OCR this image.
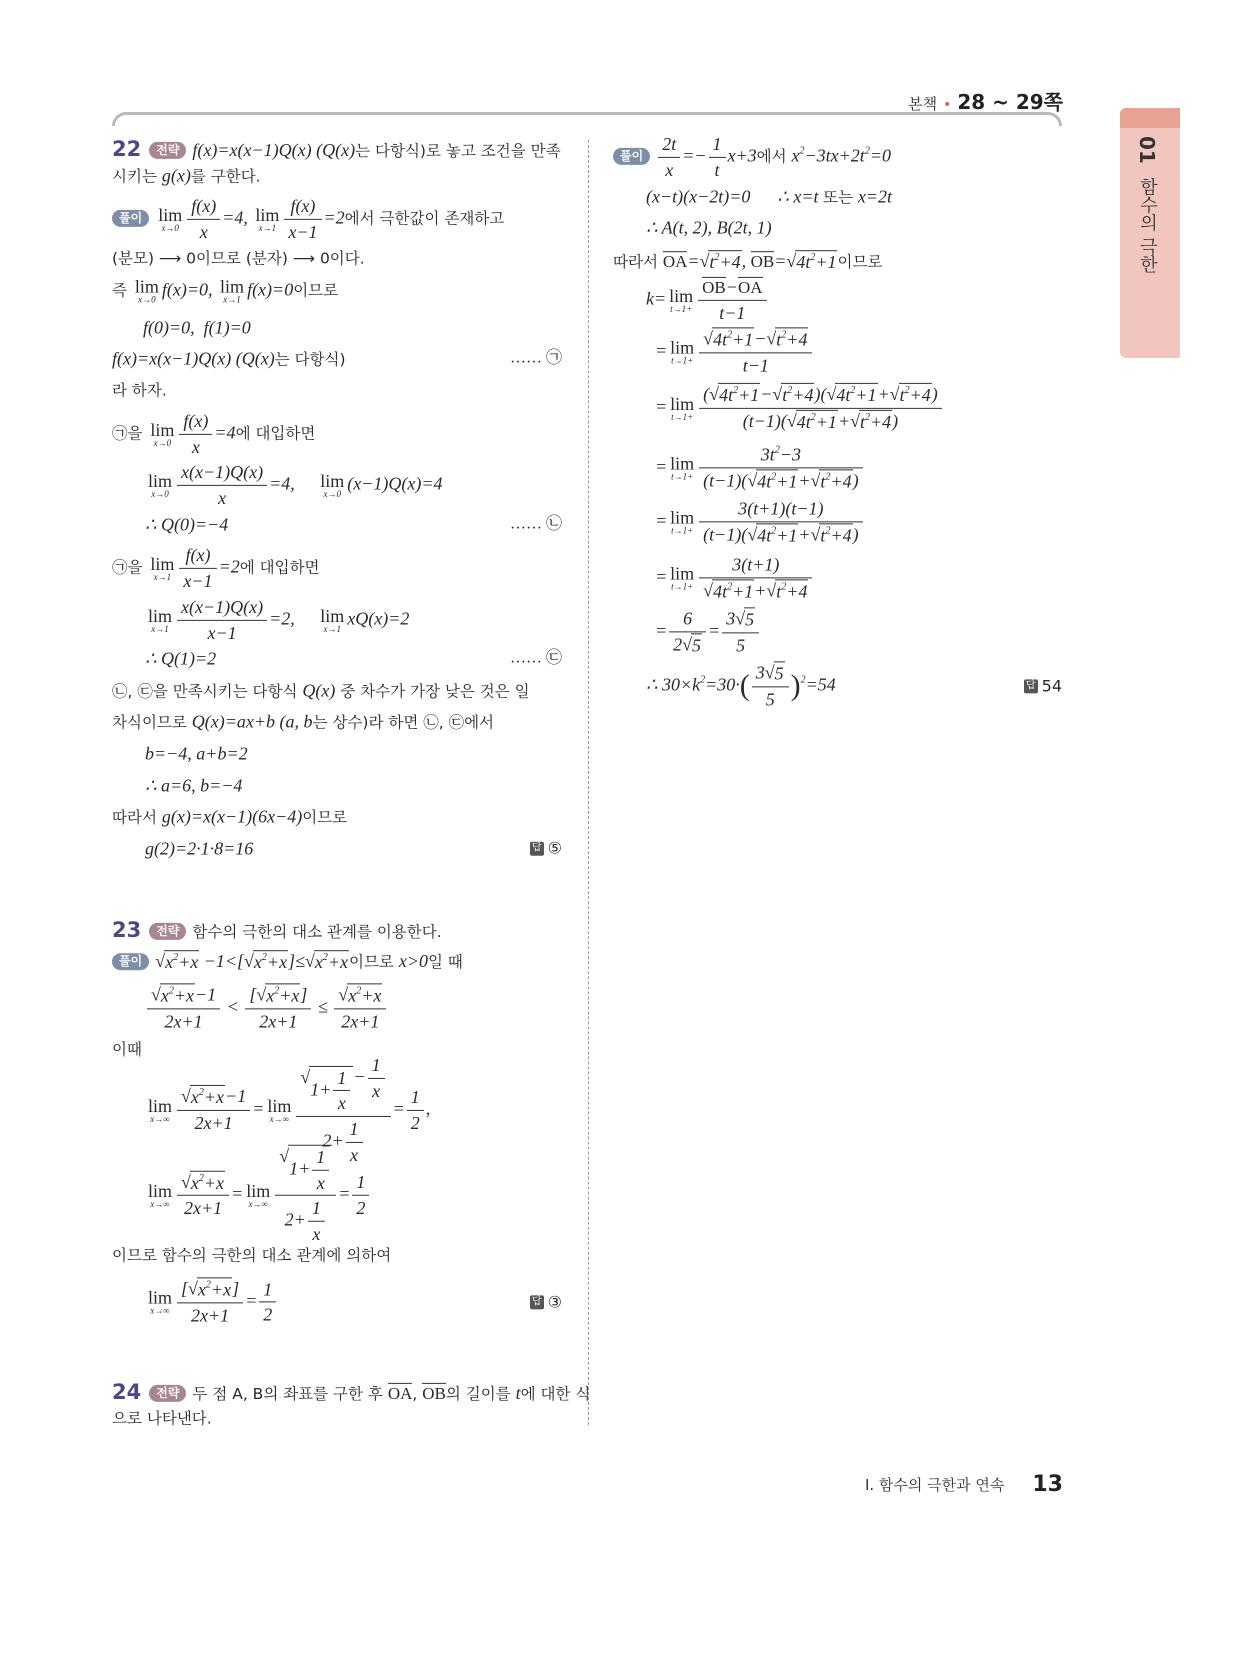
본책 • 28 ~ 29쪽
01 함수의 극한
22 전략 f(x)=x(x−1)Q(x) (Q(x)는 다항식)로 놓고 조건을 만족
시키는 g(x)를 구한다.
풀이 lim
$x\to 0 \frac{f(x)}{x} =4$, lim
$x\to 1 \frac{f(x)}{x-1} =2$에서 극한값이 존재하고
(분모) ⟶ 0이므로 (분자) ⟶ 0이다.
즉 lim
x→0 f(x)=0, lim
x→1 f(x)=0이므로
f(0)=0,  f(1)=0
f(x)=x(x−1)Q(x) (Q(x)는 다항식)	…… ㉠
라 하자.
㉠을 lim
$x\to 0 \frac{f(x)}{x} =4$에 대입하면
lim
$x\to 0 \frac{x(x-1)Q(x)}{x} =4$, lim
x→0 (x−1)Q(x)=4
∴ Q(0)=−4	…… ㉡
㉠을 lim
$x\to 1 \frac{f(x)}{x-1} =2$에 대입하면
lim
$x\to 1 \frac{x(x-1)Q(x)}{x-1} =2$, lim
x→1 xQ(x)=2
∴ Q(1)=2	…… ㉢
㉡, ㉢을 만족시키는 다항식 Q(x) 중 차수가 가장 낮은 것은 일
차식이므로 Q(x)=ax+b (a, b는 상수)라 하면 ㉡, ㉢에서
b=−4, a+b=2
∴ a=6, b=−4
따라서 g(x)=x(x−1)(6x−4)이므로
g(2)=2·1·8=16	답 ⑤
23 전략 함수의 극한의 대소 관계를 이용한다.
풀이 √ $x^2+x -1<$[ √ $x^2+x$ ]≤ √ $x^2+x$ 이므로 x>0일 때
$\frac{√ x^2+x -1}{2x+1} < \frac{[ √ x^2+x ]}{2x+1} \le \frac{√ x^2+x}{2x+1}$
이때
lim
$x\to\infty \frac{√ x^2+x -1}{2x+1} = \lim$
x→∞ √
$1+ \frac{1}{x} - \frac{1}{x}$
$2+ \frac{1}{x} = \frac{1}{2}$ ,
lim
$x\to\infty \frac{√ x^2+x}{2x+1} = \lim$
x→∞ √
$1+ \frac{1}{x}$
$2+ \frac{1}{x} = \frac{1}{2}$
이므로 함수의 극한의 대소 관계에 의하여
lim
$x\to\infty \frac{[ √ x^2+x ]}{2x+1} = \frac{1}{2}$	답 ③
24 전략 두 점 A, B의 좌표를 구한 후 OA, OB의 길이를 t에 대한 식
으로 나타낸다.
풀이 $\frac{2t}{x} =- \frac{1}{t} x+3$에서 $x^2-3tx+2t^2=0$
(x−t)(x−2t)=0      ∴ x=t 또는 x=2t
∴ A(t, 2), B(2t, 1)
따라서 OA= √ $t^2+4$ , OB= √ $4t^2+1$ 이므로
k= lim
$t\to 1+ \frac{OB-OA}{t-1}$
= lim
$t\to 1+ \frac{√ 4t^2+1 - √ t^2+4}{t-1}$
= lim
$t\to 1+ \frac{( √ 4t^2+1 - √ t^2+4 )( √ 4t^2+1 + √ t^2+4 )}{(t-1)( √ 4t^2+1 + √ t^2+4 )}$
= lim
$t\to 1+ \frac{3t^2-3}{(t-1)( √ 4t^2+1 + √ t^2+4 )}$
= lim
$t\to 1+ \frac{3(t+1)(t-1)}{(t-1)( √ 4t^2+1 + √ t^2+4 )}$
= lim
$t\to 1+ \frac{3(t+1)}{√ 4t^2+1 + √ t^2+4}$
= $\frac{6}{2 √ 5} = \frac{3 √ 5}{5}$
∴ $30\times k^2=30\cdot( \frac{3 √ 5}{5} )^2=54$	답 54
I. 함수의 극한과 연속 13
